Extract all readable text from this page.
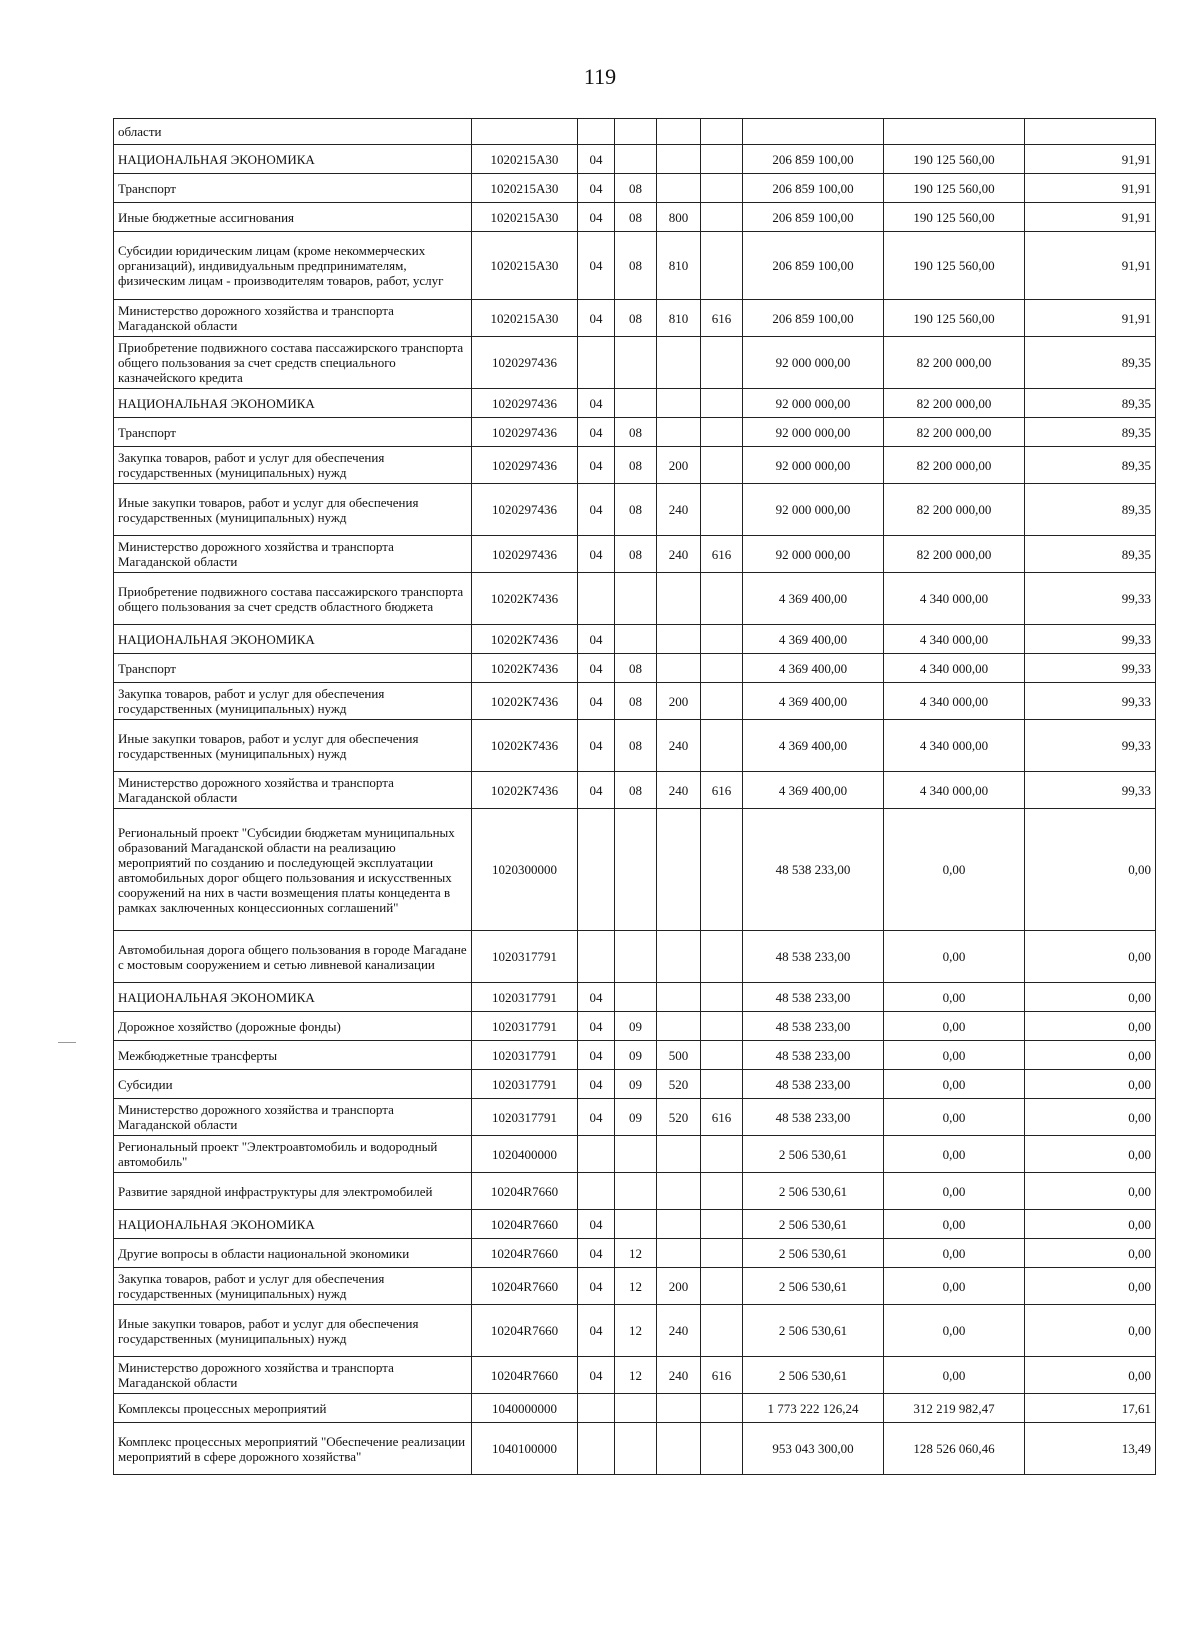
119
области								
НАЦИОНАЛЬНАЯ ЭКОНОМИКА	1020215А30	04				206 859 100,00	190 125 560,00	91,91
Транспорт	1020215А30	04	08			206 859 100,00	190 125 560,00	91,91
Иные бюджетные ассигнования	1020215А30	04	08	800		206 859 100,00	190 125 560,00	91,91
Субсидии юридическим лицам (кроме некоммерческих организаций), индивидуальным предпринимателям, физическим лицам - производителям товаров, работ, услуг	1020215А30	04	08	810		206 859 100,00	190 125 560,00	91,91
Министерство дорожного хозяйства и транспорта Магаданской области	1020215А30	04	08	810	616	206 859 100,00	190 125 560,00	91,91
Приобретение подвижного состава пассажирского транспорта общего пользования за счет средств специального казначейского кредита	1020297436					92 000 000,00	82 200 000,00	89,35
НАЦИОНАЛЬНАЯ ЭКОНОМИКА	1020297436	04				92 000 000,00	82 200 000,00	89,35
Транспорт	1020297436	04	08			92 000 000,00	82 200 000,00	89,35
Закупка товаров, работ и услуг для обеспечения государственных (муниципальных) нужд	1020297436	04	08	200		92 000 000,00	82 200 000,00	89,35
Иные закупки товаров, работ и услуг для обеспечения государственных (муниципальных) нужд	1020297436	04	08	240		92 000 000,00	82 200 000,00	89,35
Министерство дорожного хозяйства и транспорта Магаданской области	1020297436	04	08	240	616	92 000 000,00	82 200 000,00	89,35
Приобретение подвижного состава пассажирского транспорта общего пользования за счет средств областного бюджета	10202К7436					4 369 400,00	4 340 000,00	99,33
НАЦИОНАЛЬНАЯ ЭКОНОМИКА	10202К7436	04				4 369 400,00	4 340 000,00	99,33
Транспорт	10202К7436	04	08			4 369 400,00	4 340 000,00	99,33
Закупка товаров, работ и услуг для обеспечения государственных (муниципальных) нужд	10202К7436	04	08	200		4 369 400,00	4 340 000,00	99,33
Иные закупки товаров, работ и услуг для обеспечения государственных (муниципальных) нужд	10202К7436	04	08	240		4 369 400,00	4 340 000,00	99,33
Министерство дорожного хозяйства и транспорта Магаданской области	10202К7436	04	08	240	616	4 369 400,00	4 340 000,00	99,33
Региональный проект "Субсидии бюджетам муниципальных образований Магаданской области на реализацию мероприятий по созданию и последующей эксплуатации автомобильных дорог общего пользования и искусственных сооружений на них в части возмещения платы концедента в рамках заключенных концессионных соглашений"	1020300000					48 538 233,00	0,00	0,00
Автомобильная дорога общего пользования в городе Магадане с мостовым сооружением и сетью ливневой канализации	1020317791					48 538 233,00	0,00	0,00
НАЦИОНАЛЬНАЯ ЭКОНОМИКА	1020317791	04				48 538 233,00	0,00	0,00
Дорожное хозяйство (дорожные фонды)	1020317791	04	09			48 538 233,00	0,00	0,00
Межбюджетные трансферты	1020317791	04	09	500		48 538 233,00	0,00	0,00
Субсидии	1020317791	04	09	520		48 538 233,00	0,00	0,00
Министерство дорожного хозяйства и транспорта Магаданской области	1020317791	04	09	520	616	48 538 233,00	0,00	0,00
Региональный проект "Электроавтомобиль и водородный автомобиль"	1020400000					2 506 530,61	0,00	0,00
Развитие зарядной инфраструктуры для электромобилей	10204R7660					2 506 530,61	0,00	0,00
НАЦИОНАЛЬНАЯ ЭКОНОМИКА	10204R7660	04				2 506 530,61	0,00	0,00
Другие вопросы в области национальной экономики	10204R7660	04	12			2 506 530,61	0,00	0,00
Закупка товаров, работ и услуг для обеспечения государственных (муниципальных) нужд	10204R7660	04	12	200		2 506 530,61	0,00	0,00
Иные закупки товаров, работ и услуг для обеспечения государственных (муниципальных) нужд	10204R7660	04	12	240		2 506 530,61	0,00	0,00
Министерство дорожного хозяйства и транспорта Магаданской области	10204R7660	04	12	240	616	2 506 530,61	0,00	0,00
Комплексы процессных мероприятий	1040000000					1 773 222 126,24	312 219 982,47	17,61
Комплекс процессных мероприятий "Обеспечение реализации мероприятий в сфере дорожного хозяйства"	1040100000					953 043 300,00	128 526 060,46	13,49
